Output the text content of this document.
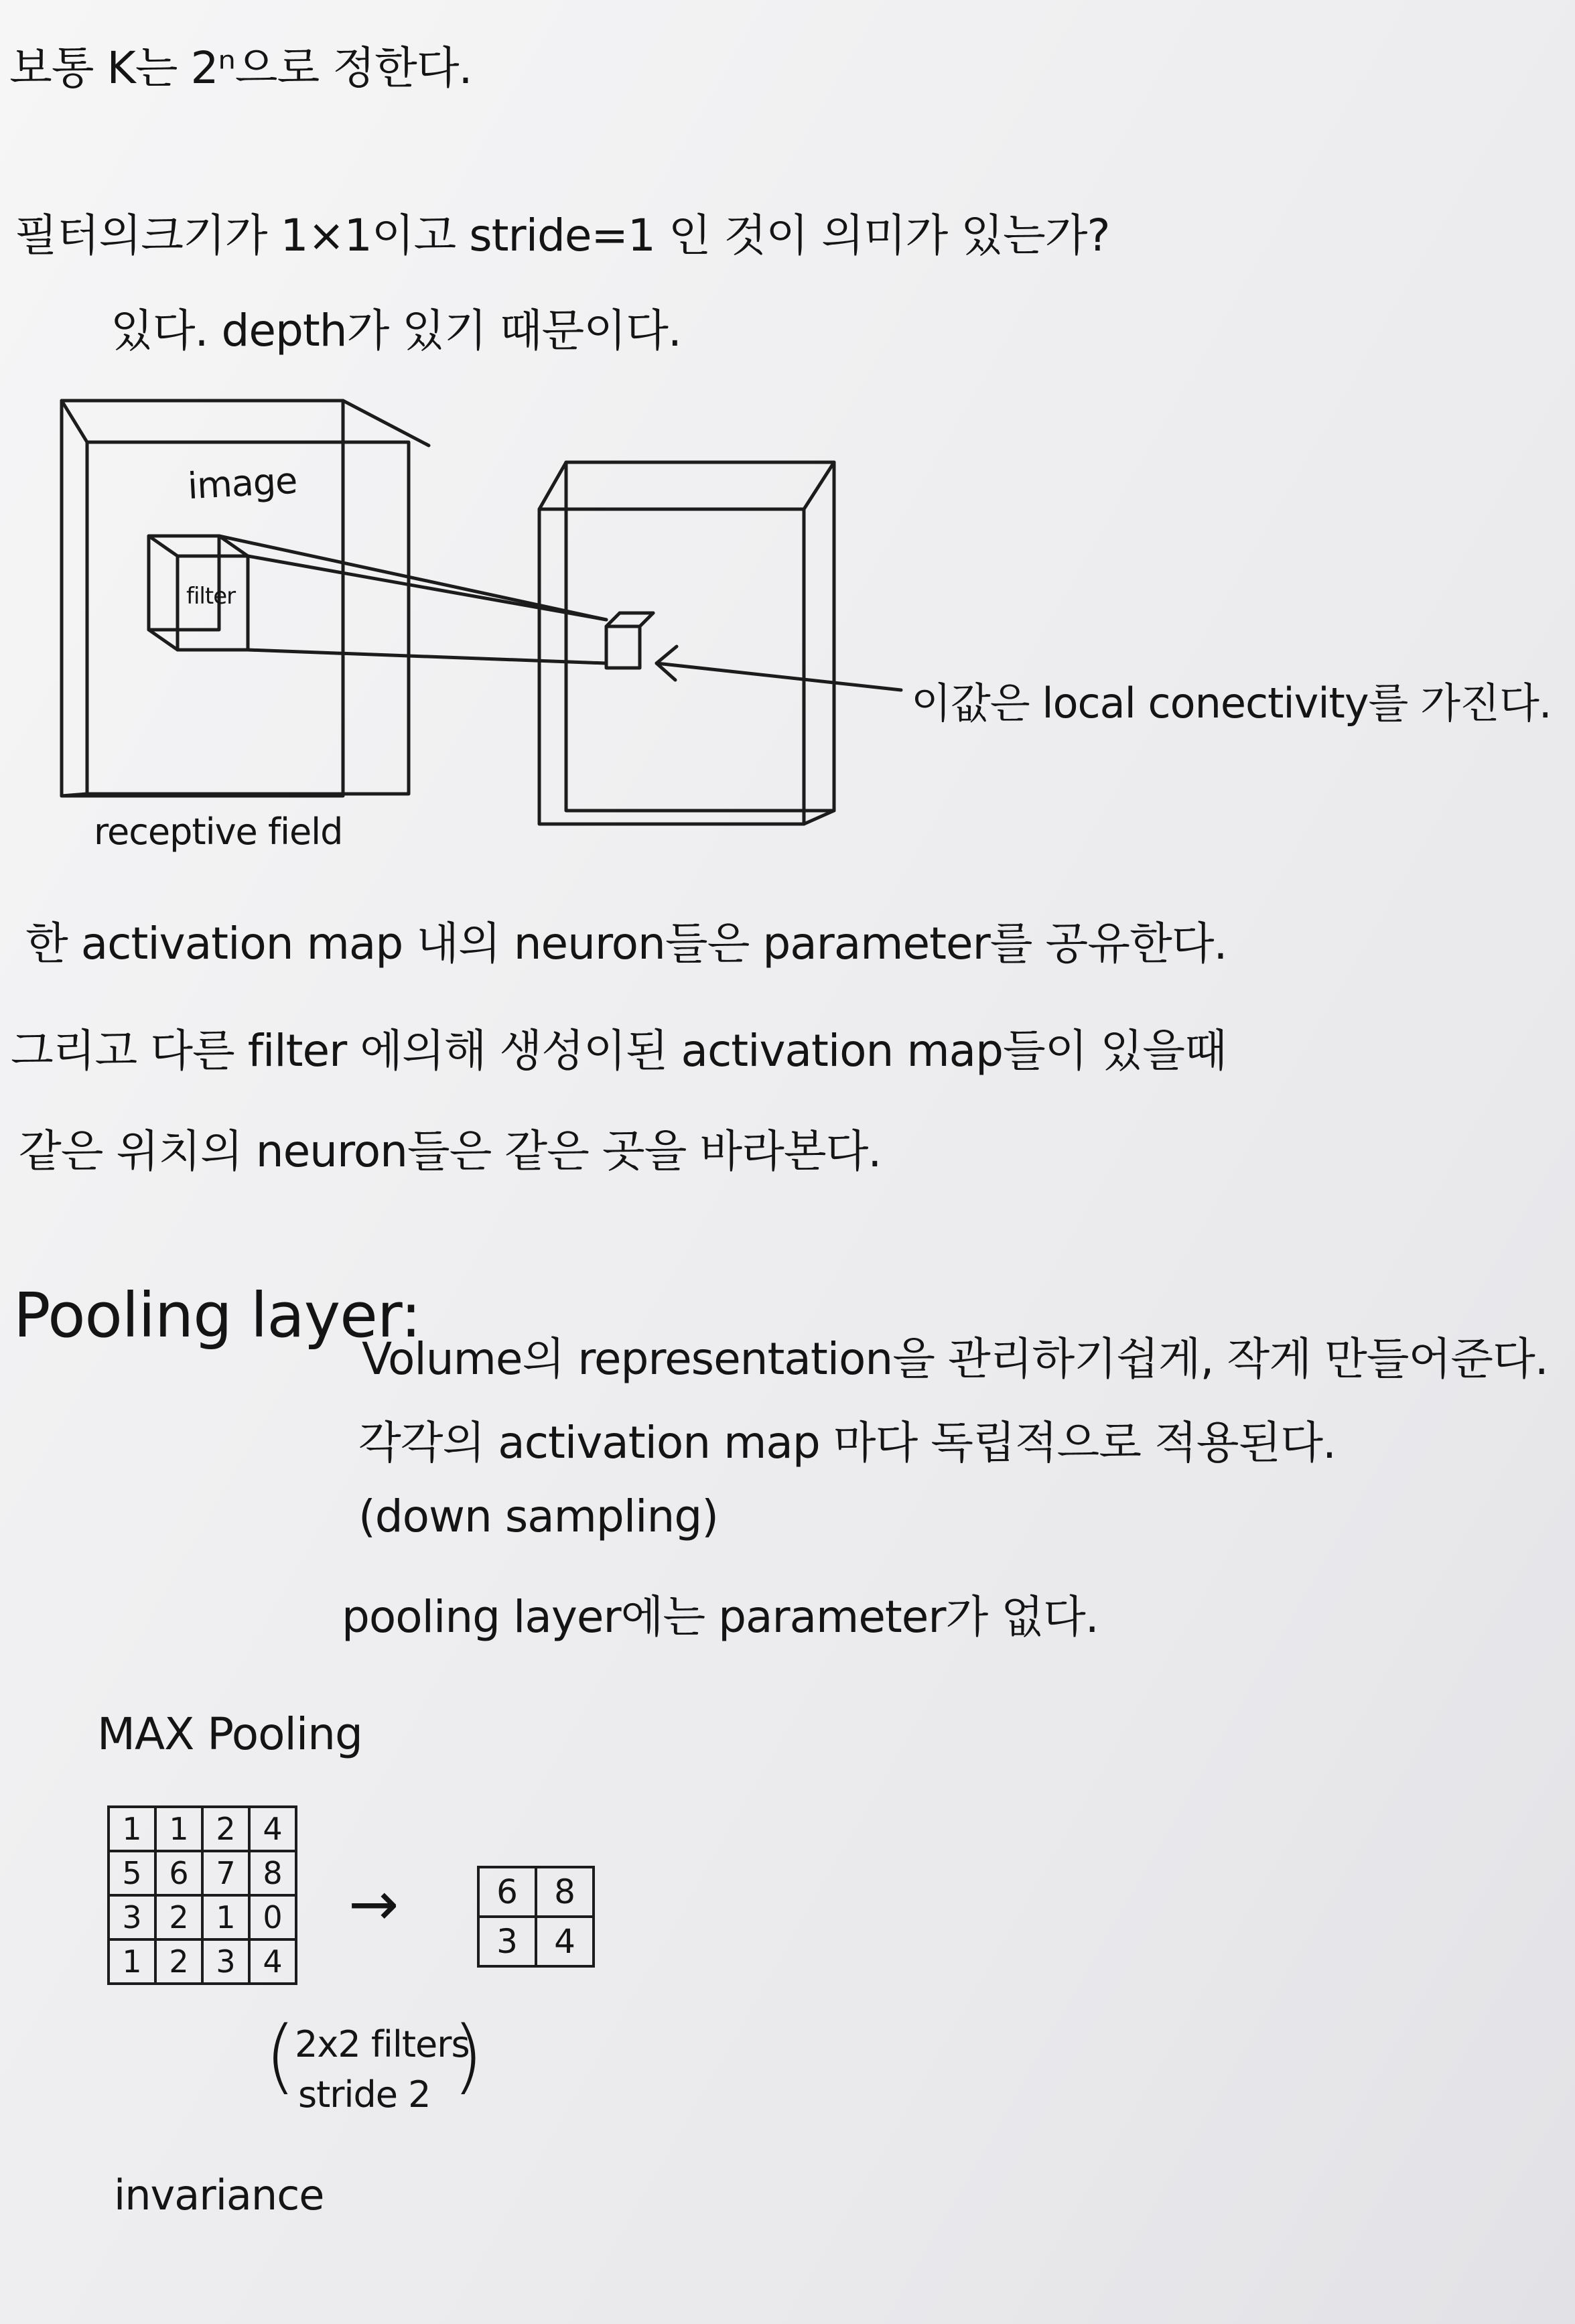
보통 K는 2ⁿ으로 정한다.
필터의크기가 1×1이고 stride=1 인 것이 의미가 있는가?
있다. depth가 있기 때문이다.
image
filter
receptive field
이값은 local conectivity를 가진다.
한 activation map 내의 neuron들은 parameter를 공유한다.
그리고 다른 filter 에의해 생성이된 activation map들이 있을때
같은 위치의 neuron들은 같은 곳을 바라본다.
Pooling layer:
Volume의 representation을 관리하기쉽게, 작게 만들어준다.
각각의 activation map 마다 독립적으로 적용된다.
(down sampling)
pooling layer에는 parameter가 없다.
MAX Pooling
1	1	2	4
5	6	7	8
3	2	1	0
1	2	3	4
→	6	8
3	4
(
2x2 filters
stride 2 )
invariance
